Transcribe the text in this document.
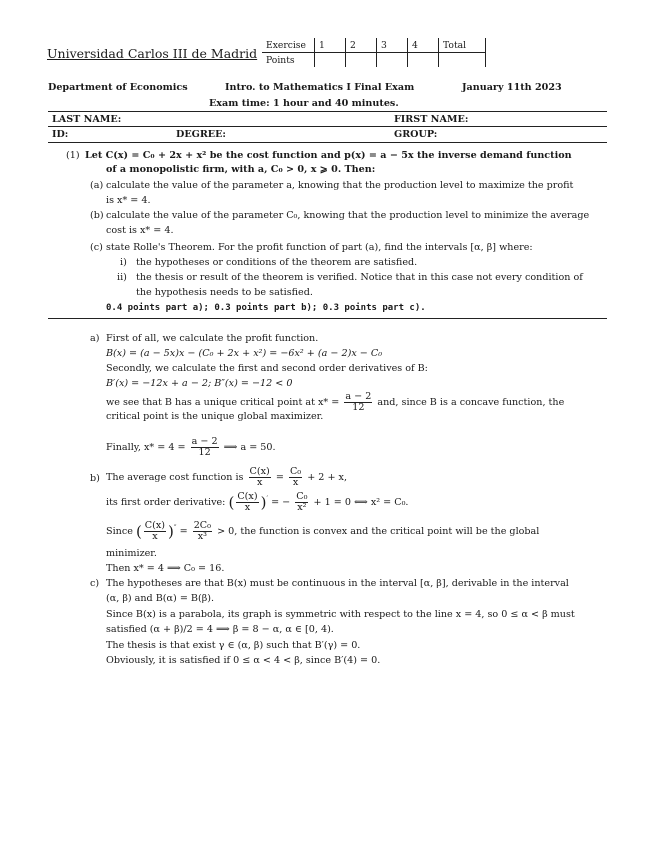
Universidad Carlos III de Madrid
Exercise	1	2	3	4	Total
Points					
Department of Economics	Intro. to Mathematics I Final Exam	January 11th 2023
Exam time: 1 hour and 40 minutes.
LAST NAME:	FIRST NAME:
ID:	DEGREE:	GROUP:
(1) Let C(x) = C₀ + 2x + x² be the cost function and p(x) = a − 5x the inverse demand function
of a monopolistic firm, with a, C₀ > 0, x ⩾ 0. Then:
(a) calculate the value of the parameter a, knowing that the production level to maximize the profit
is x* = 4.
(b) calculate the value of the parameter C₀, knowing that the production level to minimize the average
cost is x* = 4.
(c) state Rolle's Theorem. For the profit function of part (a), find the intervals [α, β] where:
i) the hypotheses or conditions of the theorem are satisfied.
ii) the thesis or result of the theorem is verified. Notice that in this case not every condition of
the hypothesis needs to be satisfied.
0.4 points part a); 0.3 points part b); 0.3 points part c).
a) First of all, we calculate the profit function.
B(x) = (a − 5x)x − (C₀ + 2x + x²) = −6x² + (a − 2)x − C₀
Secondly, we calculate the first and second order derivatives of B:
B′(x) = −12x + a − 2; B″(x) = −12 < 0
we see that B has a unique critical point at $x* = \frac{a - 2}{12}$ and, since B is a concave function, the
critical point is the unique global maximizer.
Finally, $x* = 4 = \frac{a - 2}{12}$ ⟹ a = 50.
b) The average cost function is $\frac{C(x)}{x} = \frac{\text{C₀}}{x} + 2 + x$,
its first order derivative: ( $\frac{C(x)}{x} )'$ = − $\frac{\text{C₀}}{\text{x²}} + 1 = 0$ ⟺ x² = C₀.
Since ( $\frac{C(x)}{x} )'' = \frac{\text{2C₀}}{\text{x³}} > 0$, the function is convex and the critical point will be the global
minimizer.
Then x* = 4 ⟹ C₀ = 16.
c) The hypotheses are that B(x) must be continuous in the interval [α, β], derivable in the interval
(α, β) and B(α) = B(β).
Since B(x) is a parabola, its graph is symmetric with respect to the line x = 4, so 0 ≤ α < β must
satisfied (α + β)/2 = 4 ⟹ β = 8 − α, α ∈ [0, 4).
The thesis is that exist γ ∈ (α, β) such that B′(γ) = 0.
Obviously, it is satisfied if 0 ≤ α < 4 < β, since B′(4) = 0.
